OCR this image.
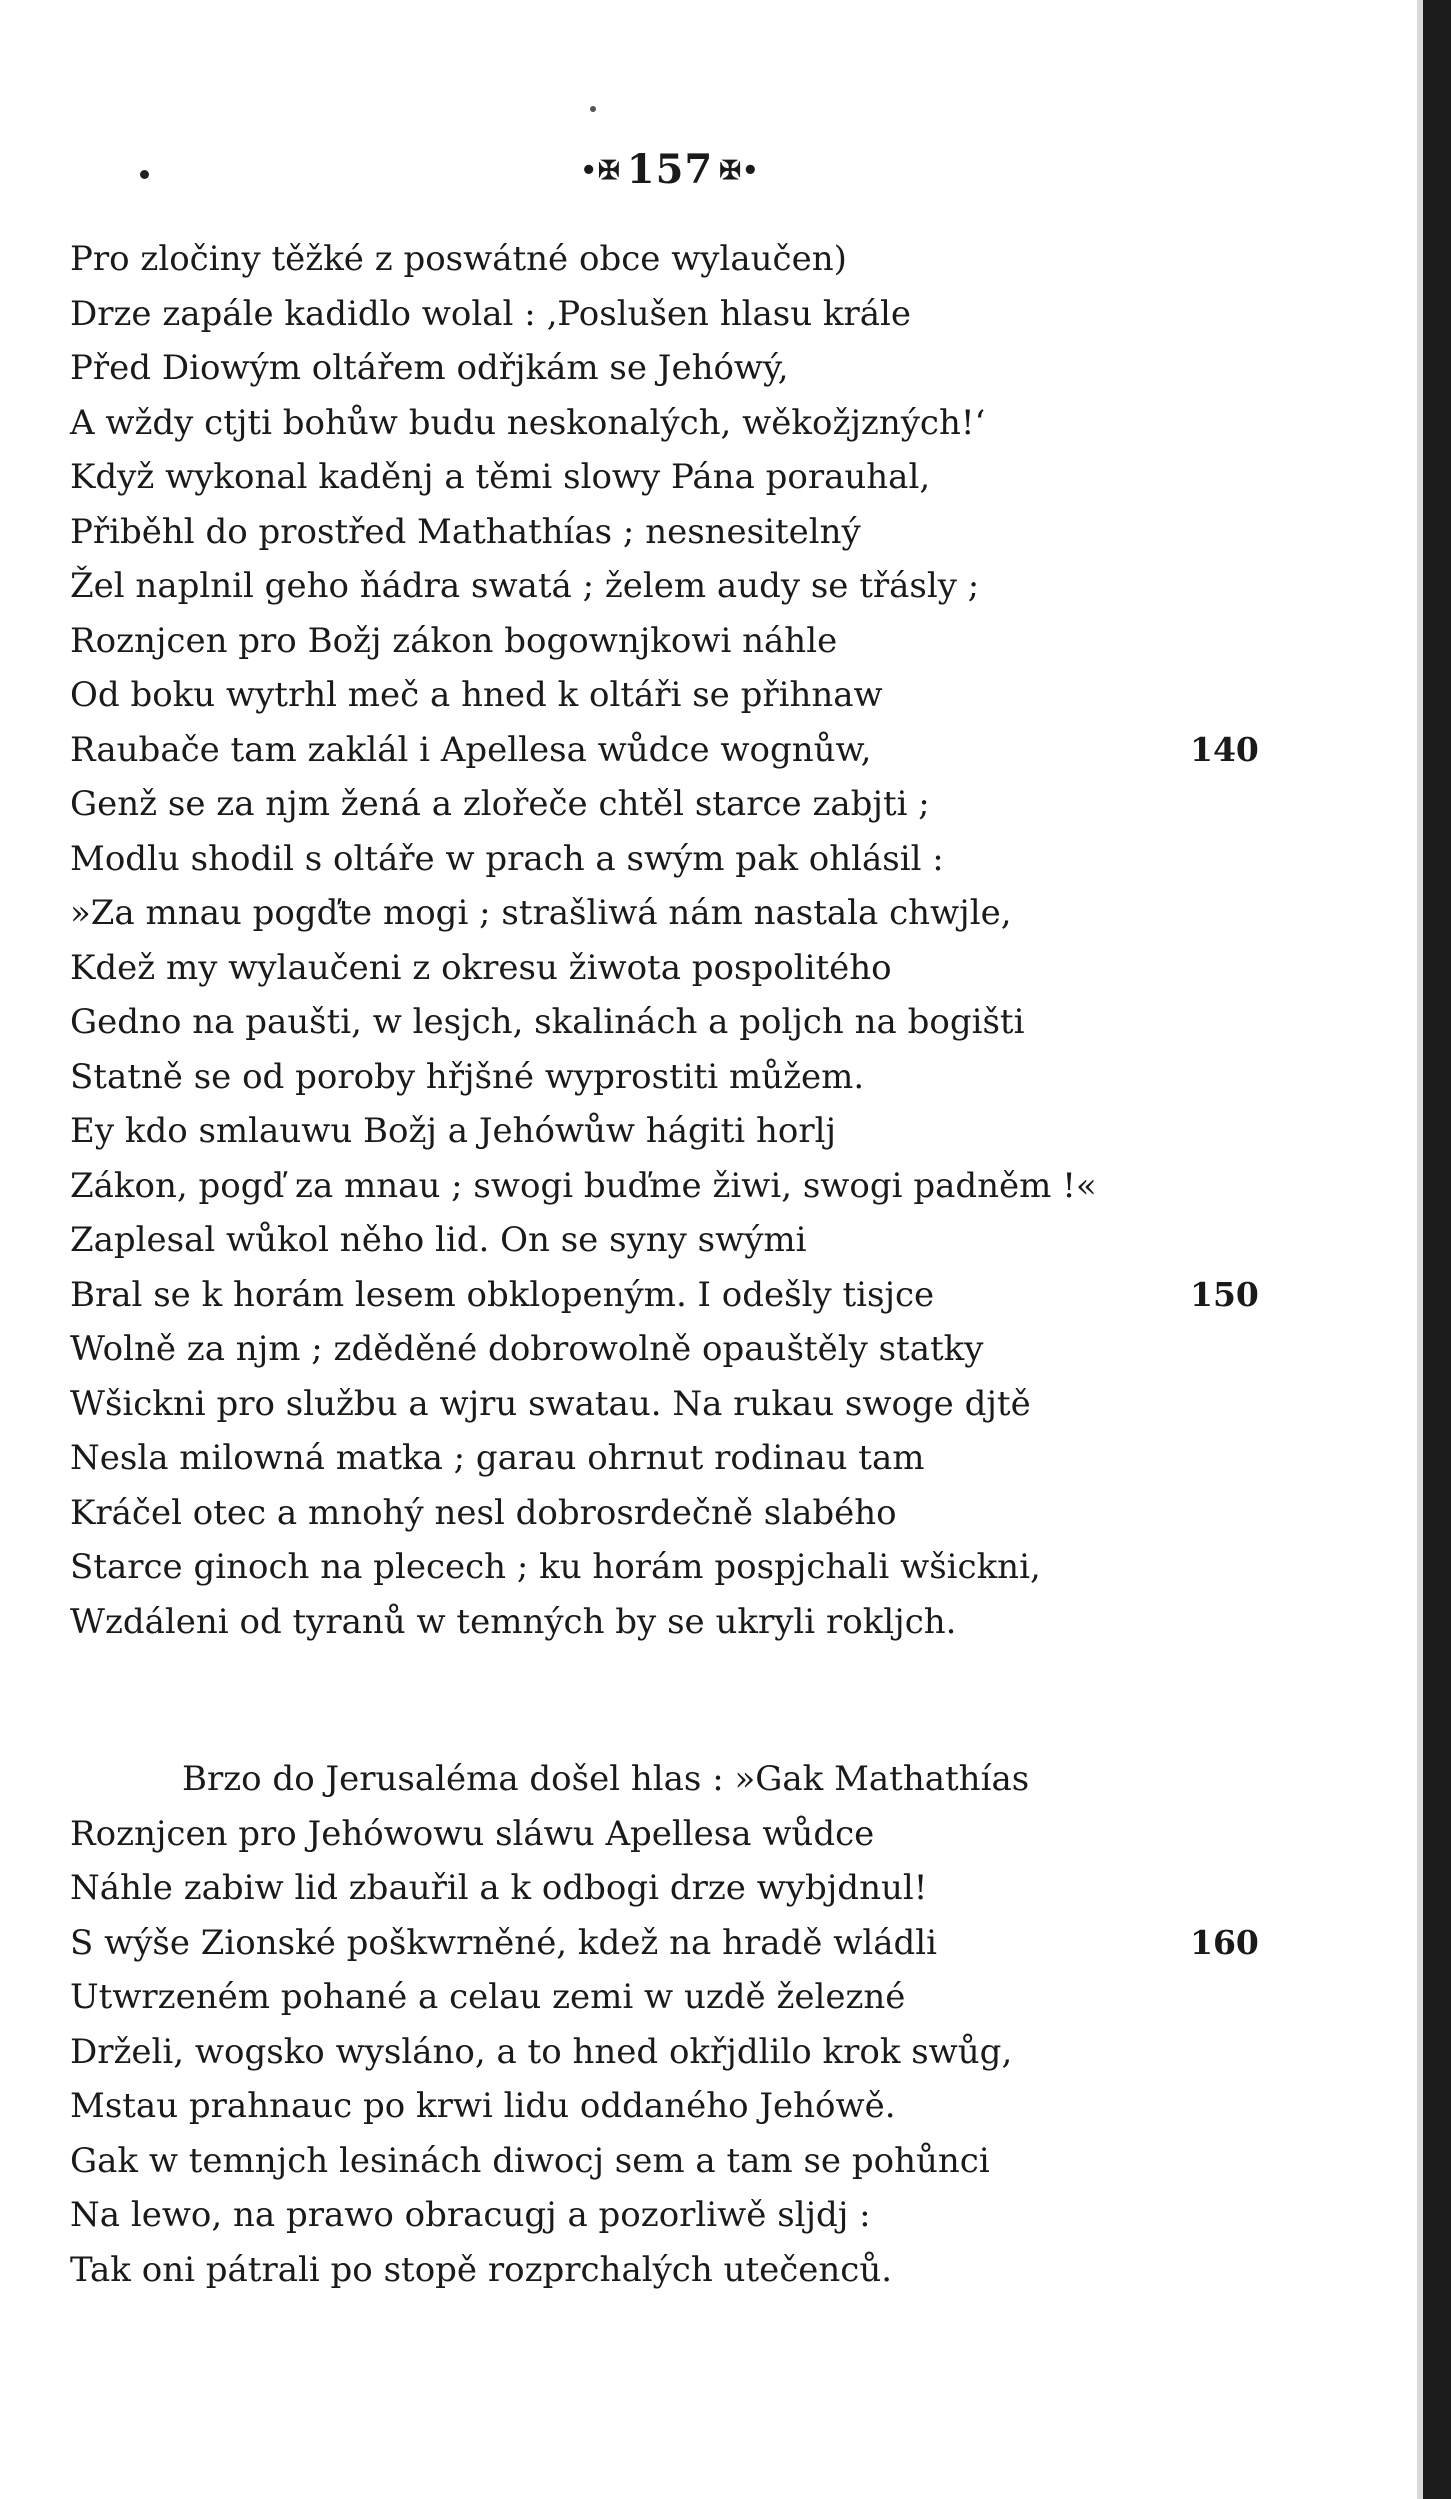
•✠ 157 ✠•
Pro zločiny těžké z poswátné obce wylaučen)
Drze zapále kadidlo wolal : ‚Poslušen hlasu krále
Před Diowým oltářem odřjkám se Jehówý,
A wždy ctjti bohůw budu neskonalých, wěkožjzných!‘
Když wykonal kaděnj a těmi slowy Pána porauhal,
Přiběhl do prostřed Mathathías ; nesnesitelný
Žel naplnil geho ňádra swatá ; želem audy se třásly ;
Roznjcen pro Božj zákon bogownjkowi náhle
Od boku wytrhl meč a hned k oltáři se přihnaw
Raubače tam zaklál i Apellesa wůdce wognůw,	140
Genž se za njm žená a zlořeče chtěl starce zabjti ;
Modlu shodil s oltáře w prach a swým pak ohlásil :
»Za mnau pogďte mogi ; strašliwá nám nastala chwjle,
Kdež my wylaučeni z okresu žiwota pospolitého
Gedno na paušti, w lesjch, skalinách a poljch na bogišti
Statně se od poroby hřjšné wyprostiti můžem.
Ey kdo smlauwu Božj a Jehówůw hágiti horlj
Zákon, pogď za mnau ; swogi buďme žiwi, swogi padněm !«
Zaplesal wůkol něho lid. On se syny swými
Bral se k horám lesem obklopeným. I odešly tisjce	150
Wolně za njm ; zděděné dobrowolně opauštěly statky
Wšickni pro službu a wjru swatau. Na rukau swoge djtě
Nesla milowná matka ; garau ohrnut rodinau tam
Kráčel otec a mnohý nesl dobrosrdečně slabého
Starce ginoch na plecech ; ku horám pospjchali wšickni,
Wzdáleni od tyranů w temných by se ukryli rokljch.
Brzo do Jerusaléma došel hlas : »Gak Mathathías
Roznjcen pro Jehówowu sláwu Apellesa wůdce
Náhle zabiw lid zbauřil a k odbogi drze wybjdnul!
S wýše Zionské poškwrněné, kdež na hradě wládli	160
Utwrzeném pohané a celau zemi w uzdě železné
Drželi, wogsko wysláno, a to hned okřjdlilo krok swůg,
Mstau prahnauc po krwi lidu oddaného Jehówě.
Gak w temnjch lesinách diwocj sem a tam se pohůnci
Na lewo, na prawo obracugj a pozorliwě sljdj :
Tak oni pátrali po stopě rozprchalých utečenců.
